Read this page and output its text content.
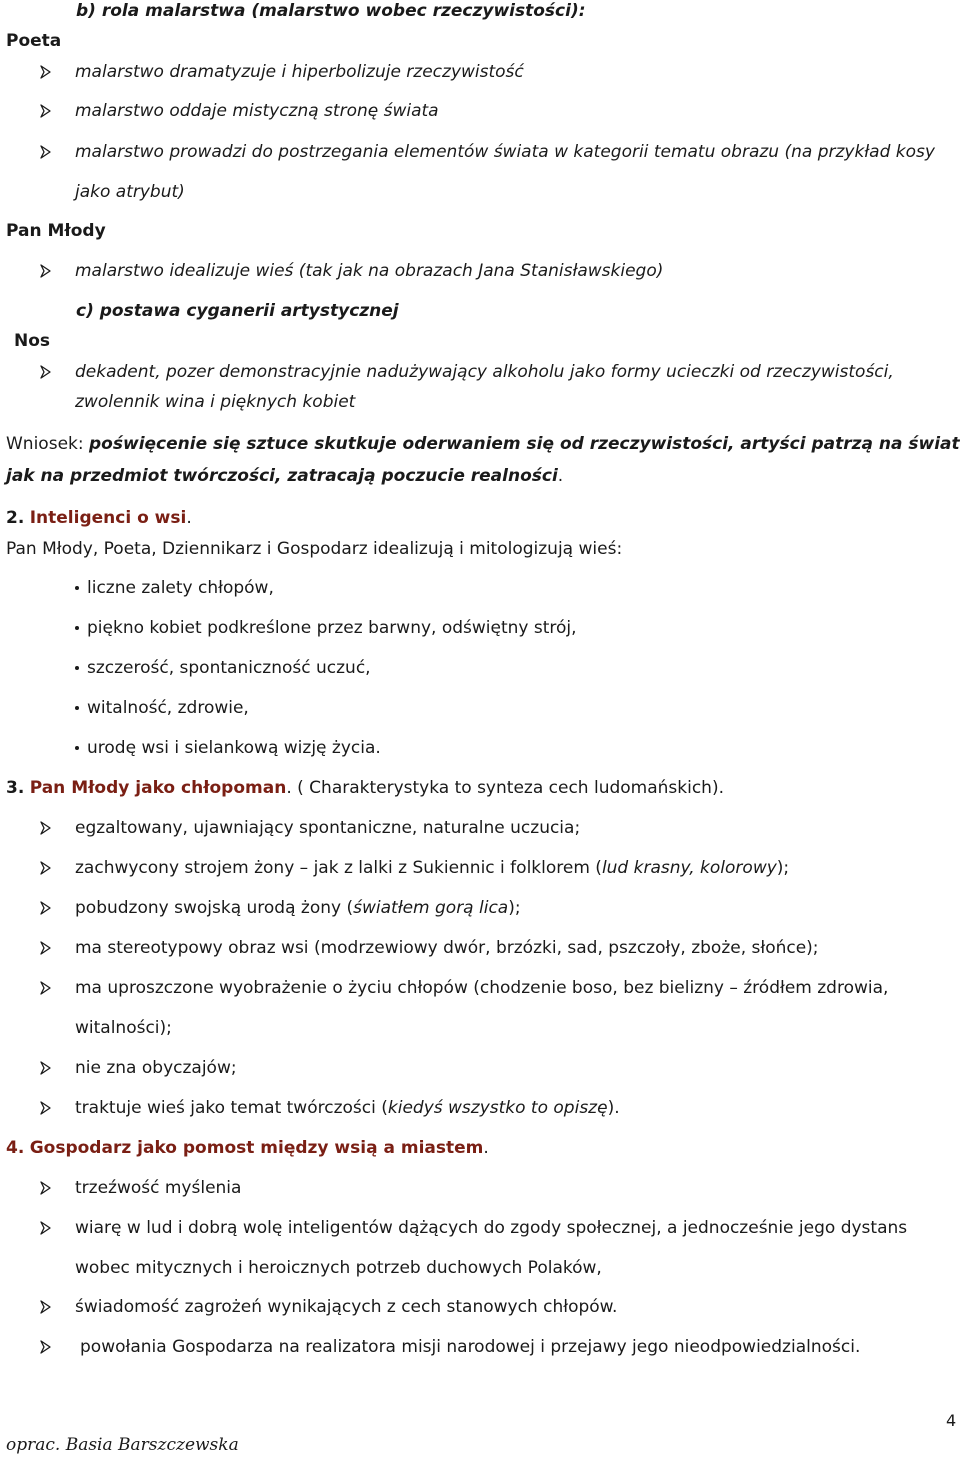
b) rola malarstwa (malarstwo wobec rzeczywistości):
Poeta
malarstwo dramatyzuje i hiperbolizuje rzeczywistość
malarstwo oddaje mistyczną stronę świata
malarstwo prowadzi do postrzegania elementów świata w kategorii tematu obrazu (na przykład kosy
jako atrybut)
Pan Młody
malarstwo idealizuje wieś (tak jak na obrazach Jana Stanisławskiego)
c) postawa cyganerii artystycznej
Nos
dekadent, pozer demonstracyjnie nadużywający alkoholu jako formy ucieczki od rzeczywistości,
zwolennik wina i pięknych kobiet
Wniosek: poświęcenie się sztuce skutkuje oderwaniem się od rzeczywistości, artyści patrzą na świat
jak na przedmiot twórczości, zatracają poczucie realności.
2. Inteligenci o wsi.
Pan Młody, Poeta, Dziennikarz i Gospodarz idealizują i mitologizują wieś:
liczne zalety chłopów,
piękno kobiet podkreślone przez barwny, odświętny strój,
szczerość, spontaniczność uczuć,
witalność, zdrowie,
urodę wsi i sielankową wizję życia.
3. Pan Młody jako chłopoman. ( Charakterystyka to synteza cech ludomańskich).
egzaltowany, ujawniający spontaniczne, naturalne uczucia;
zachwycony strojem żony – jak z lalki z Sukiennic i folklorem (lud krasny, kolorowy);
pobudzony swojską urodą żony (światłem gorą lica);
ma stereotypowy obraz wsi (modrzewiowy dwór, brzózki, sad, pszczoły, zboże, słońce);
ma uproszczone wyobrażenie o życiu chłopów (chodzenie boso, bez bielizny – źródłem zdrowia,
witalności);
nie zna obyczajów;
traktuje wieś jako temat twórczości (kiedyś wszystko to opiszę).
4. Gospodarz jako pomost między wsią a miastem.
trzeźwość myślenia
wiarę w lud i dobrą wolę inteligentów dążących do zgody społecznej, a jednocześnie jego dystans
wobec mitycznych i heroicznych potrzeb duchowych Polaków,
świadomość zagrożeń wynikających z cech stanowych chłopów.
powołania Gospodarza na realizatora misji narodowej i przejawy jego nieodpowiedzialności.
oprac. Basia Barszczewska
4
